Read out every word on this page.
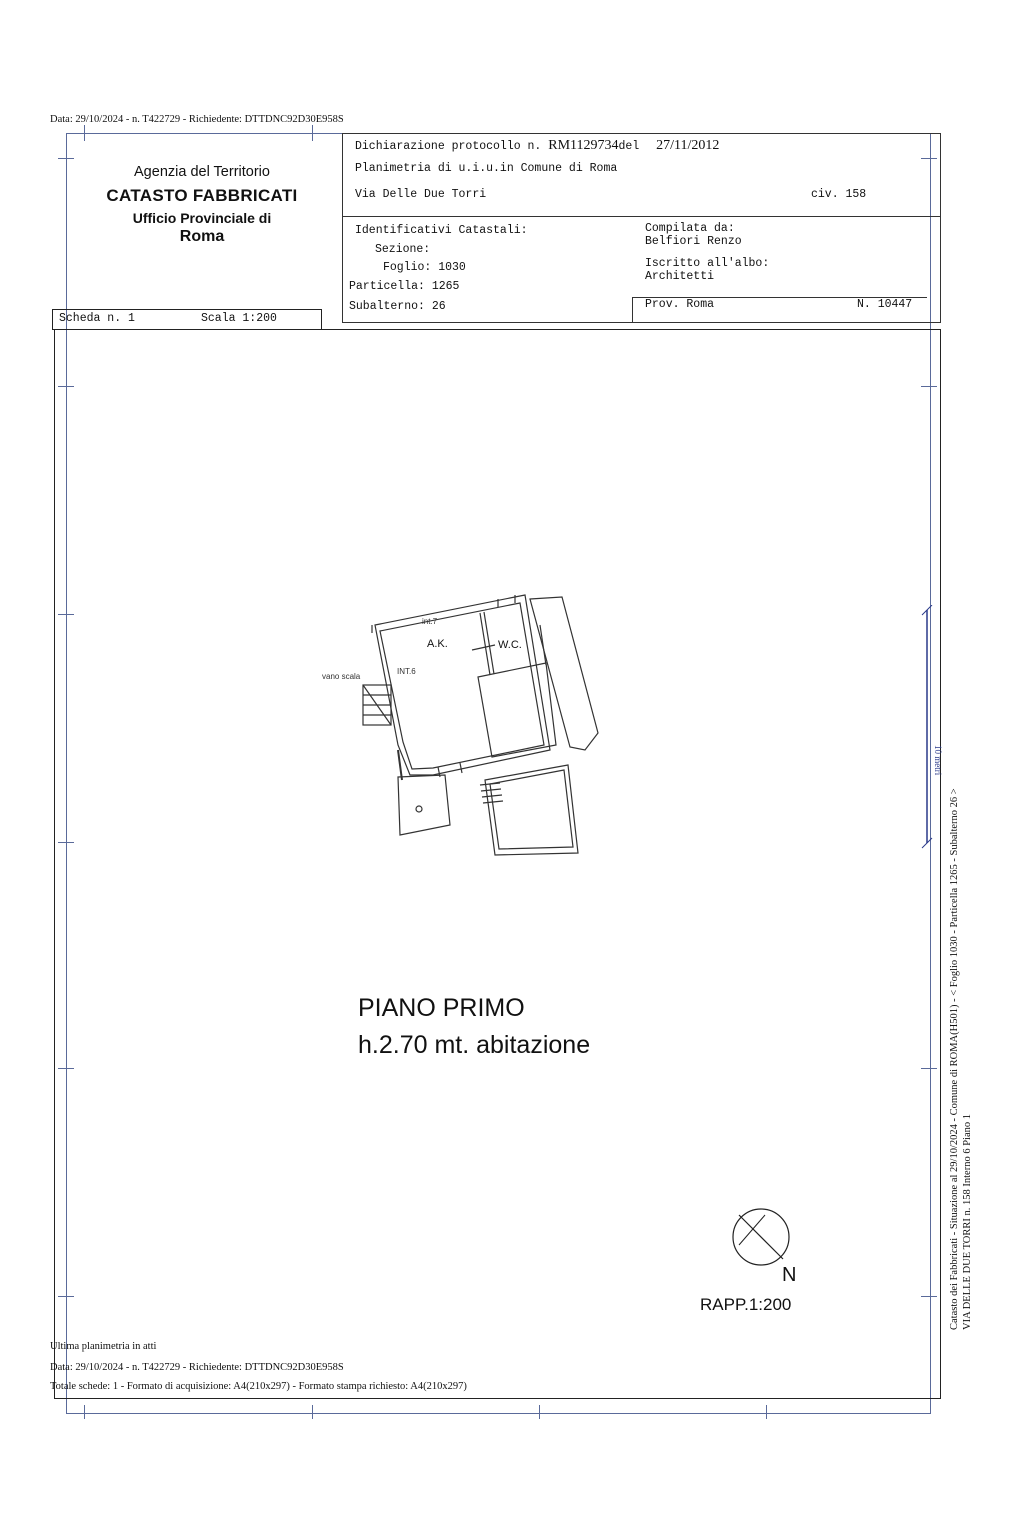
Data: 29/10/2024 - n. T422729 - Richiedente: DTTDNC92D30E958S
Agenzia del Territorio
CATASTO FABBRICATI
Ufficio Provinciale di
Roma
Dichiarazione protocollo n. RM1129734del 27/11/2012
Planimetria di u.i.u.in Comune di Roma
Via Delle Due Torri	civ. 158
Identificativi Catastali:
Sezione:
Foglio: 1030
Particella: 1265
Subalterno: 26
Compilata da:
Belfiori Renzo
Iscritto all'albo:
Architetti
Prov. Roma	N. 10447
Scheda n. 1	Scala 1:200
int.7
A.K.	W.C.
INT.6
vano scala
10 metri
PIANO PRIMO
h.2.70 mt. abitazione
N
RAPP.1:200	Catasto dei Fabbricati - Situazione al 29/10/2024 - Comune di ROMA(H501) - < Foglio 1030 - Particella 1265 - Subalterno 26 > VIA DELLE DUE TORRI n. 158 Interno 6 Piano 1
Ultima planimetria in atti
Data: 29/10/2024 - n. T422729 - Richiedente: DTTDNC92D30E958S
Totale schede: 1 - Formato di acquisizione: A4(210x297) - Formato stampa richiesto: A4(210x297)
